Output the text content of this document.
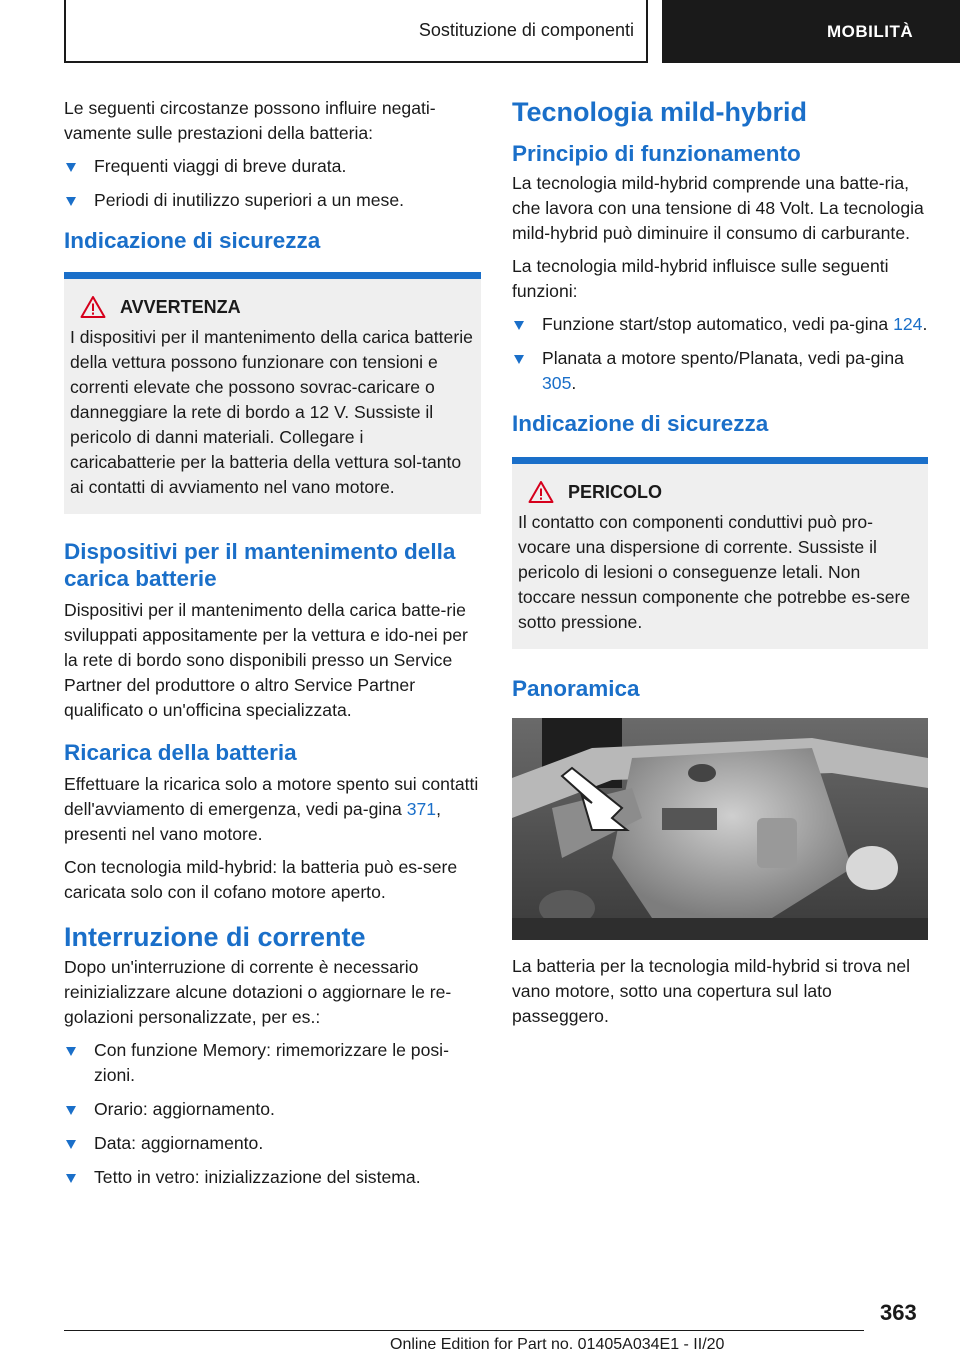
Sostituzione di componenti	MOBILITÀ

Le seguenti circostanze possono influire negati-vamente sulle prestazioni della batteria:

Frequenti viaggi di breve durata.
Periodi di inutilizzo superiori a un mese.
Indicazione di sicurezza
AVVERTENZA

I dispositivi per il mantenimento della carica batterie della vettura possono funzionare con tensioni e correnti elevate che possono sovrac-caricare o danneggiare la rete di bordo a 12 V. Sussiste il pericolo di danni materiali. Collegare i caricabatterie per la batteria della vettura sol-tanto ai contatti di avviamento nel vano motore.

Dispositivi per il mantenimento della carica batterie

Dispositivi per il mantenimento della carica batte-rie sviluppati appositamente per la vettura e ido-nei per la rete di bordo sono disponibili presso un Service Partner del produttore o altro Service Partner qualificato o un'officina specializzata.

Ricarica della batteria

Effettuare la ricarica solo a motore spento sui contatti dell'avviamento di emergenza, vedi pa-gina 371, presenti nel vano motore.

Con tecnologia mild-hybrid: la batteria può es-sere caricata solo con il cofano motore aperto.

Interruzione di corrente

Dopo un'interruzione di corrente è necessario reinizializzare alcune dotazioni o aggiornare le re-golazioni personalizzate, per es.:

Con funzione Memory: rimemorizzare le posi-zioni.
Orario: aggiornamento.
Data: aggiornamento.
Tetto in vetro: inizializzazione del sistema.
Tecnologia mild-hybrid
Principio di funzionamento

La tecnologia mild-hybrid comprende una batte-ria, che lavora con una tensione di 48 Volt. La tecnologia mild-hybrid può diminuire il consumo di carburante.

La tecnologia mild-hybrid influisce sulle seguenti funzioni:

Funzione start/stop automatico, vedi pa-gina 124.
Planata a motore spento/Planata, vedi pa-gina 305.
Indicazione di sicurezza
PERICOLO

Il contatto con componenti conduttivi può pro-vocare una dispersione di corrente. Sussiste il pericolo di lesioni o conseguenze letali. Non toccare nessun componente che potrebbe es-sere sotto pressione.

Panoramica

La batteria per la tecnologia mild-hybrid si trova nel vano motore, sotto una copertura sul lato passeggero.

363
Online Edition for Part no. 01405A034E1 - II/20
